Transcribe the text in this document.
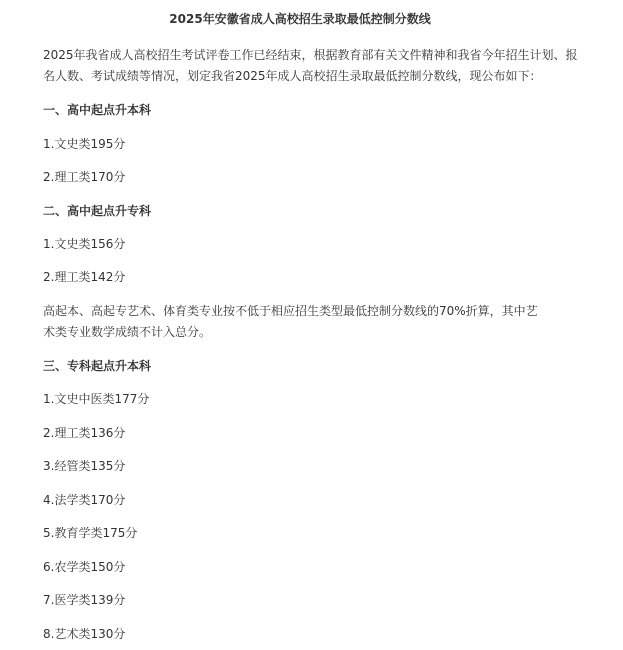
2025年安徽省成人高校招生录取最低控制分数线
2025年我省成人高校招生考试评卷工作已经结束，根据教育部有关文件精神和我省今年招生计划、报名人数、考试成绩等情况，划定我省2025年成人高校招生录取最低控制分数线，现公布如下：
一、高中起点升本科
1.文史类195分
2.理工类170分
二、高中起点升专科
1.文史类156分
2.理工类142分
高起本、高起专艺术、体育类专业按不低于相应招生类型最低控制分数线的70%折算，其中艺术类专业数学成绩不计入总分。
三、专科起点升本科
1.文史中医类177分
2.理工类136分
3.经管类135分
4.法学类170分
5.教育学类175分
6.农学类150分
7.医学类139分
8.艺术类130分
